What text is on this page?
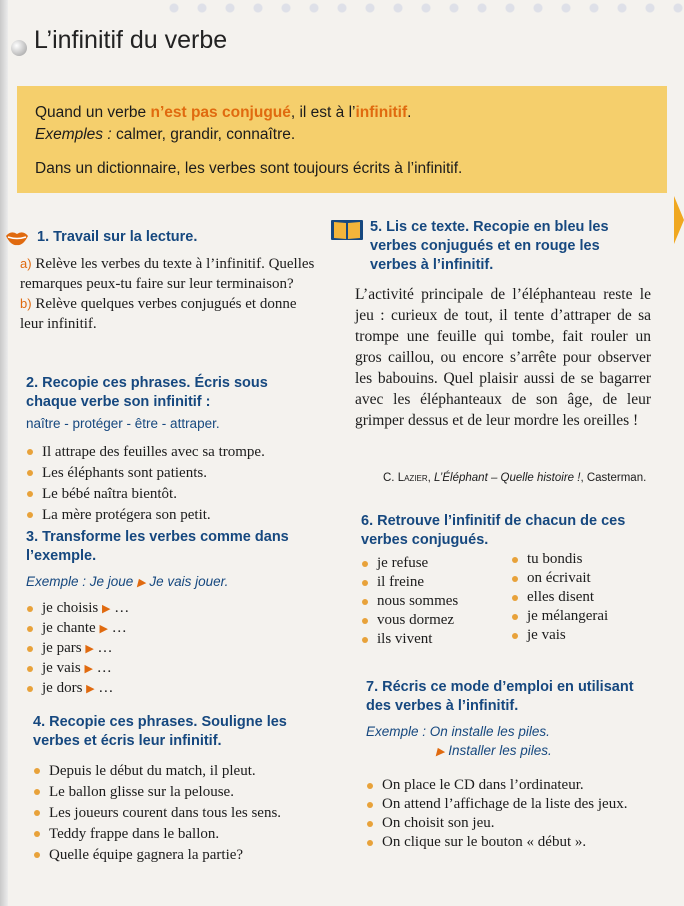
L’infinitif du verbe

Quand un verbe n’est pas conjugué, il est à l’infinitif.

Exemples : calmer, grandir, connaître.

Dans un dictionnaire, les verbes sont toujours écrits à l’infinitif.

1. Travail sur la lecture.
a) Relève les verbes du texte à l’infinitif. Quelles remarques peux-tu faire sur leur terminaison?
b) Relève quelques verbes conjugués et donne leur infinitif.
2. Recopie ces phrases. Écris sous chaque verbe son infinitif :
naître - protéger - être - attraper.
Il attrape des feuilles avec sa trompe.
Les éléphants sont patients.
Le bébé naîtra bientôt.
La mère protégera son petit.
3. Transforme les verbes comme dans l’exemple.
Exemple : Je joue ▶ Je vais jouer.
je choisis ▶ …
je chante ▶ …
je pars ▶ …
je vais ▶ …
je dors ▶ …
4. Recopie ces phrases. Souligne les verbes et écris leur infinitif.
Depuis le début du match, il pleut.
Le ballon glisse sur la pelouse.
Les joueurs courent dans tous les sens.
Teddy frappe dans le ballon.
Quelle équipe gagnera la partie?
5. Lis ce texte. Recopie en bleu les verbes conjugués et en rouge les verbes à l’infinitif.
L’activité principale de l’éléphanteau reste le jeu : curieux de tout, il tente d’attraper de sa trompe une feuille qui tombe, fait rouler un gros caillou, ou encore s’arrête pour observer les babouins. Quel plaisir aussi de se bagarrer avec les éléphanteaux de son âge, de leur grimper dessus et de leur mordre les oreilles !
C. Lazier, L’Éléphant – Quelle histoire !, Casterman.
6. Retrouve l’infinitif de chacun de ces verbes conjugués.
je refuse
il freine
nous sommes
vous dormez
ils vivent
tu bondis
on écrivait
elles disent
je mélangerai
je vais
7. Récris ce mode d’emploi en utilisant des verbes à l’infinitif.
Exemple : On installe les piles.
▶ Installer les piles.
On place le CD dans l’ordinateur.
On attend l’affichage de la liste des jeux.
On choisit son jeu.
On clique sur le bouton « début ».
